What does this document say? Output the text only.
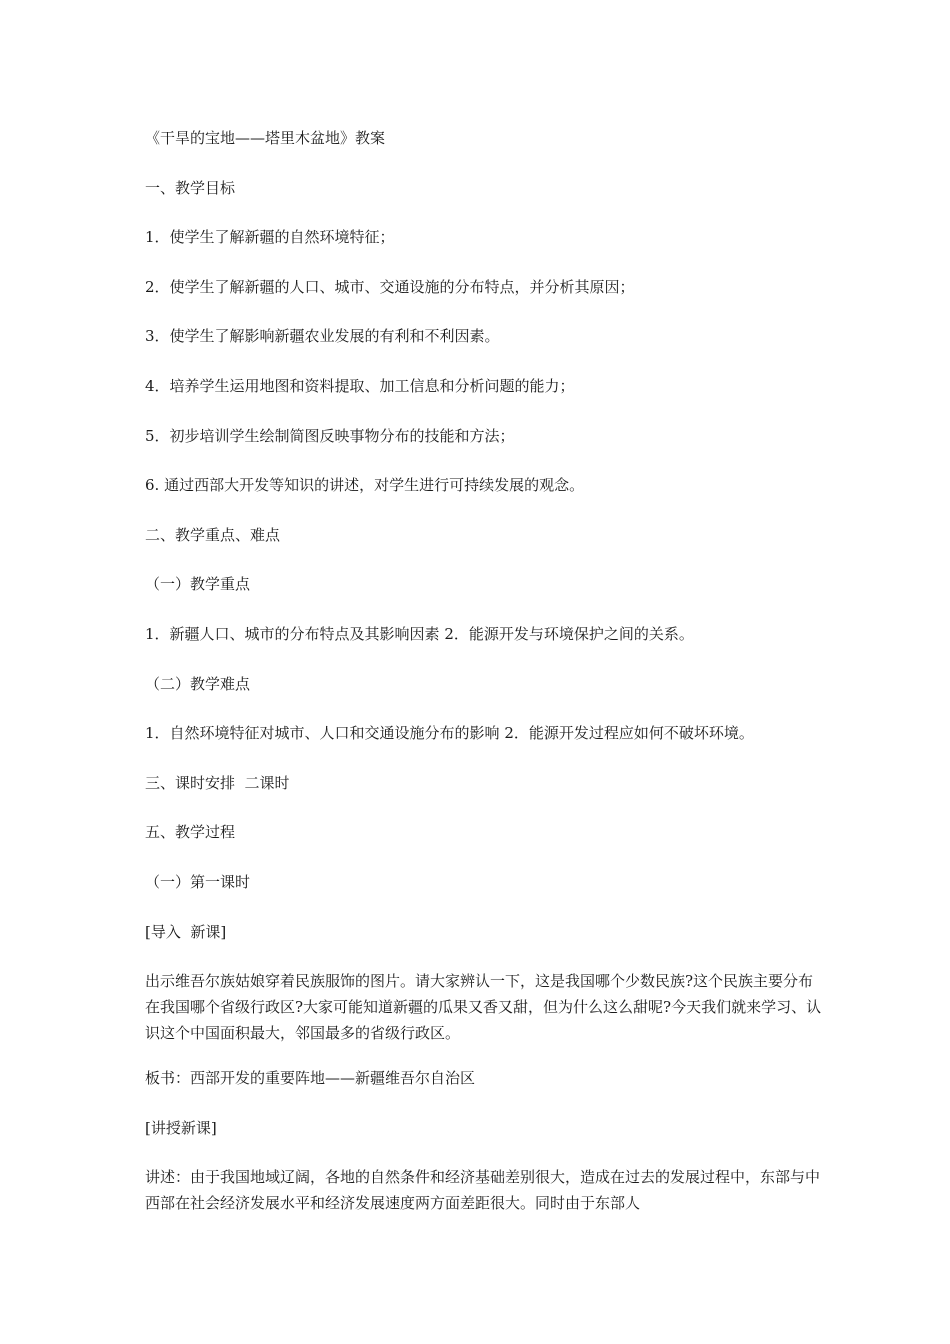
《干旱的宝地——塔里木盆地》教案

一、教学目标

1．使学生了解新疆的自然环境特征；

2．使学生了解新疆的人口、城市、交通设施的分布特点，并分析其原因；

3．使学生了解影响新疆农业发展的有利和不利因素。

4．培养学生运用地图和资料提取、加工信息和分析问题的能力；

5．初步培训学生绘制简图反映事物分布的技能和方法；

6. 通过西部大开发等知识的讲述，对学生进行可持续发展的观念。

二、教学重点、难点

（一）教学重点

1．新疆人口、城市的分布特点及其影响因素 2．能源开发与环境保护之间的关系。

（二）教学难点

1．自然环境特征对城市、人口和交通设施分布的影响 2．能源开发过程应如何不破坏环境。

三、课时安排  二课时

五、教学过程

（一）第一课时

[导入  新课]

出示维吾尔族姑娘穿着民族服饰的图片。请大家辨认一下，这是我国哪个少数民族?这个民族主要分布在我国哪个省级行政区?大家可能知道新疆的瓜果又香又甜，但为什么这么甜呢?今天我们就来学习、认识这个中国面积最大，邻国最多的省级行政区。

板书：西部开发的重要阵地——新疆维吾尔自治区

[讲授新课]

讲述：由于我国地域辽阔，各地的自然条件和经济基础差别很大，造成在过去的发展过程中，东部与中西部在社会经济发展水平和经济发展速度两方面差距很大。同时由于东部人
